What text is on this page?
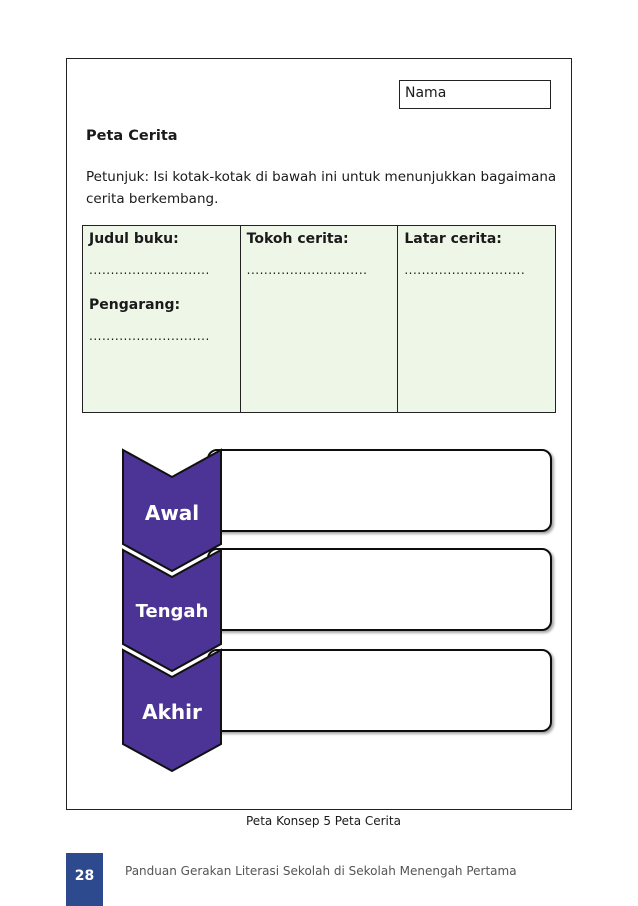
Nama
Peta Cerita
Petunjuk: Isi kotak-kotak di bawah ini untuk menunjukkan bagaimana cerita berkembang.
Judul buku:
............................
Pengarang:
............................
Tokoh cerita:
............................
Latar cerita:
............................
Awal
Tengah
Akhir
Peta Konsep 5 Peta Cerita
28	Panduan Gerakan Literasi Sekolah di Sekolah Menengah Pertama
